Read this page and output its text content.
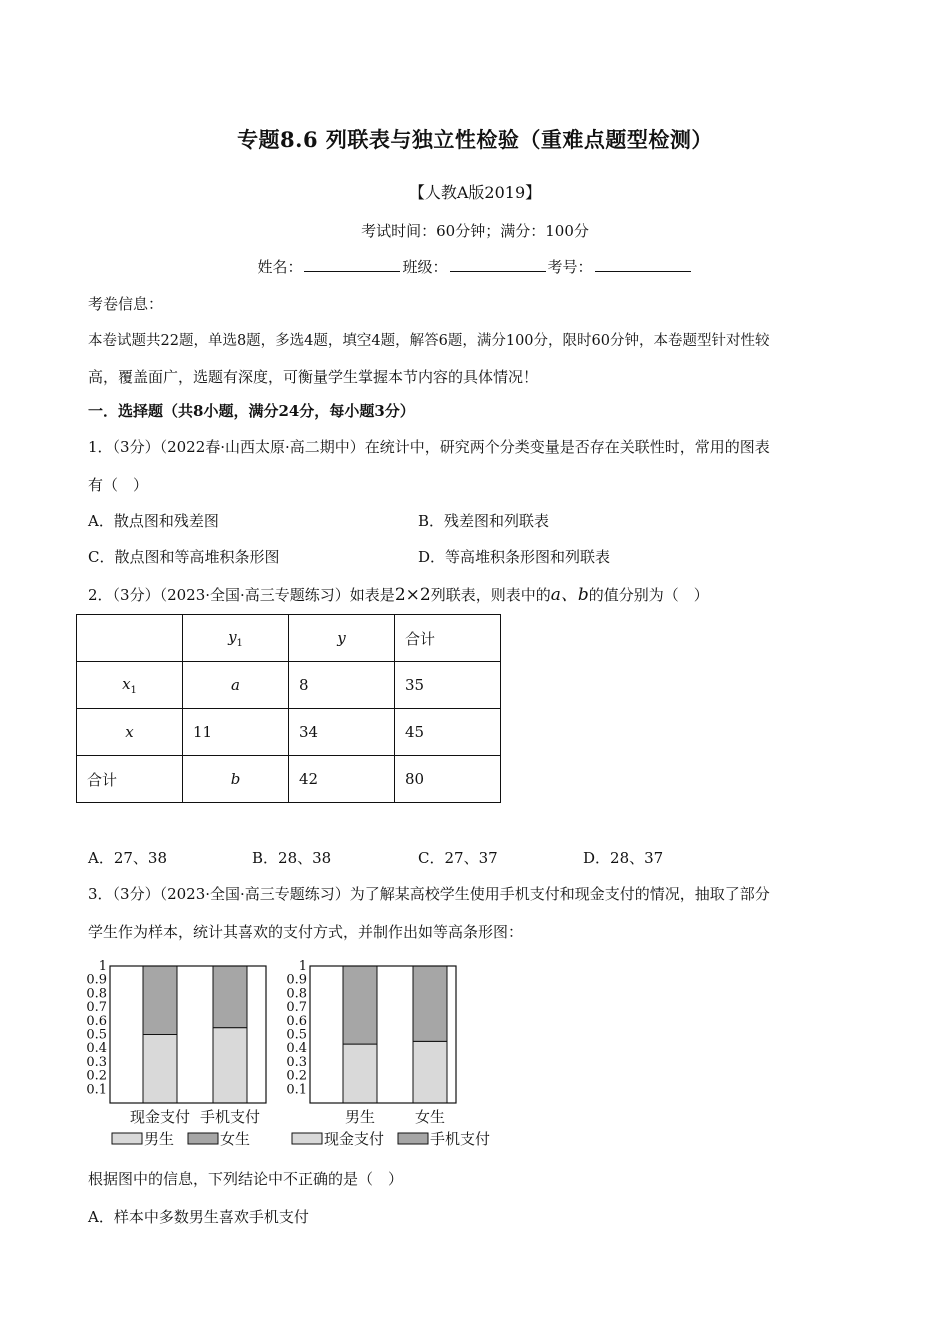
专题8.6 列联表与独立性检验（重难点题型检测）
【人教A版2019】
考试时间：60分钟；满分：100分
姓名：	班级：	考号：
考卷信息：
本卷试题共22题，单选8题，多选4题，填空4题，解答6题，满分100分，限时60分钟，本卷题型针对性较
高，覆盖面广，选题有深度，可衡量学生掌握本节内容的具体情况！
一．选择题（共8小题，满分24分，每小题3分）
1．（3分）（2022春·山西太原·高二期中）在统计中，研究两个分类变量是否存在关联性时，常用的图表
有（　）
A．散点图和残差图	B．残差图和列联表
C．散点图和等高堆积条形图	D．等高堆积条形图和列联表
2．（3分）（2023·全国·高三专题练习）如表是2×2列联表，则表中的a、b的值分别为（　）
	$y_1$	y	合计
$x_1$	a	8	35
x	11	34	45
合计	b	42	80
A．27、38	B．28、38	C．27、37	D．28、37
3．（3分）（2023·全国·高三专题练习）为了解某高校学生使用手机支付和现金支付的情况，抽取了部分
学生作为样本，统计其喜欢的支付方式，并制作出如等高条形图：
1
0.9
0.8
0.7
0.6
0.5
0.4
0.3
0.2
0.1
现金支付 手机支付
男生	女生
1
0.9
0.8
0.7
0.6
0.5
0.4
0.3
0.2
0.1
男生	女生
现金支付	手机支付
根据图中的信息，下列结论中不正确的是（　）
A．样本中多数男生喜欢手机支付
